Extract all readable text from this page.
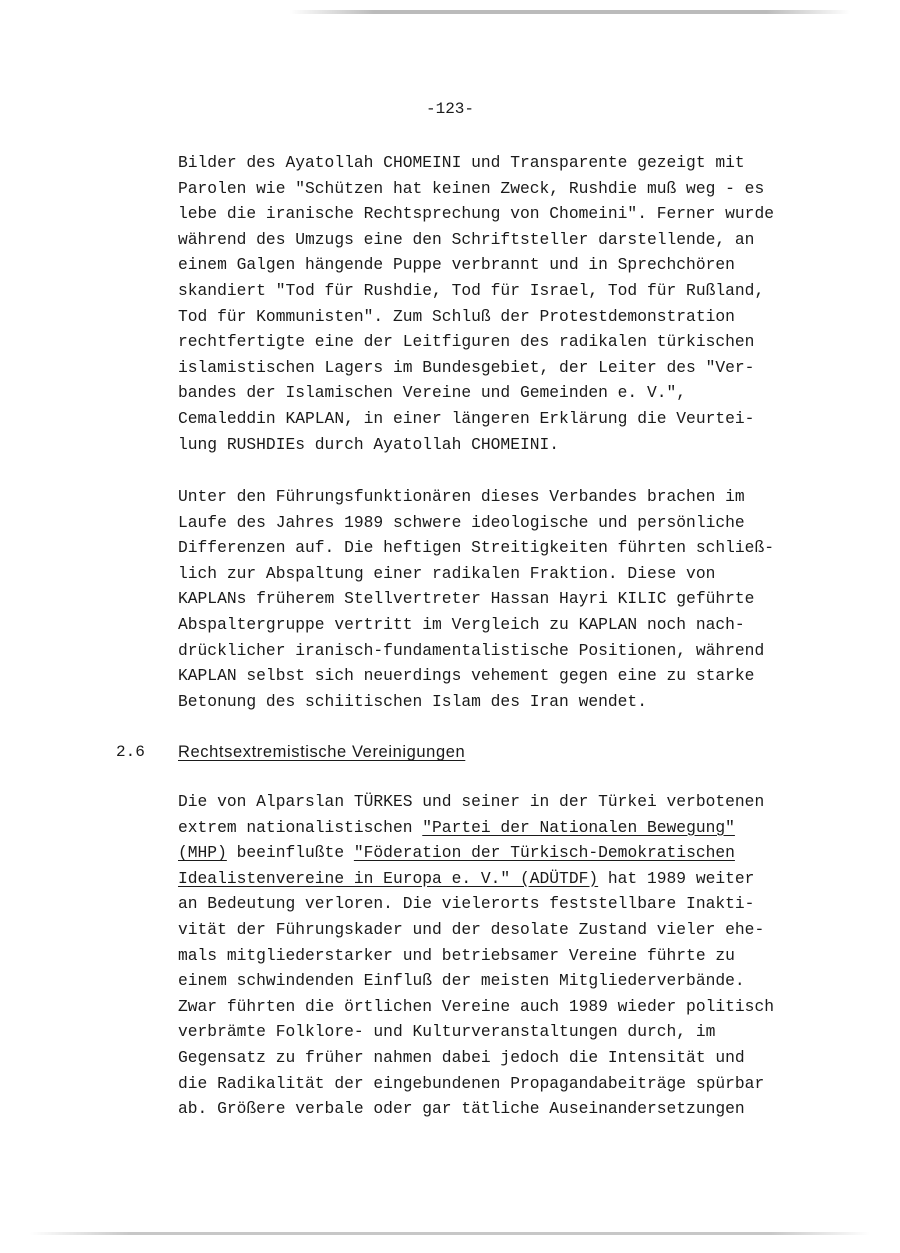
-123-
Bilder des Ayatollah CHOMEINI und Transparente gezeigt mit
Parolen wie "Schützen hat keinen Zweck, Rushdie muß weg - es
lebe die iranische Rechtsprechung von Chomeini". Ferner wurde
während des Umzugs eine den Schriftsteller darstellende, an
einem Galgen hängende Puppe verbrannt und in Sprechchören
skandiert "Tod für Rushdie, Tod für Israel, Tod für Rußland,
Tod für Kommunisten". Zum Schluß der Protestdemonstration
rechtfertigte eine der Leitfiguren des radikalen türkischen
islamistischen Lagers im Bundesgebiet, der Leiter des "Ver-
bandes der Islamischen Vereine und Gemeinden e. V.",
Cemaleddin KAPLAN, in einer längeren Erklärung die Veurtei-
lung RUSHDIEs durch Ayatollah CHOMEINI.
Unter den Führungsfunktionären dieses Verbandes brachen im
Laufe des Jahres 1989 schwere ideologische und persönliche
Differenzen auf. Die heftigen Streitigkeiten führten schließ-
lich zur Abspaltung einer radikalen Fraktion. Diese von
KAPLANs früherem Stellvertreter Hassan Hayri KILIC geführte
Abspaltergruppe vertritt im Vergleich zu KAPLAN noch nach-
drücklicher iranisch-fundamentalistische Positionen, während
KAPLAN selbst sich neuerdings vehement gegen eine zu starke
Betonung des schiitischen Islam des Iran wendet.
2.6 Rechtsextremistische Vereinigungen
Die von Alparslan TÜRKES und seiner in der Türkei verbotenen
extrem nationalistischen "Partei der Nationalen Bewegung"
(MHP) beeinflußte "Föderation der Türkisch-Demokratischen
Idealistenvereine in Europa e. V." (ADÜTDF) hat 1989 weiter
an Bedeutung verloren. Die vielerorts feststellbare Inakti-
vität der Führungskader und der desolate Zustand vieler ehe-
mals mitgliederstarker und betriebsamer Vereine führte zu
einem schwindenden Einfluß der meisten Mitgliederverbände.
Zwar führten die örtlichen Vereine auch 1989 wieder politisch
verbrämte Folklore- und Kulturveranstaltungen durch, im
Gegensatz zu früher nahmen dabei jedoch die Intensität und
die Radikalität der eingebundenen Propagandabeiträge spürbar
ab. Größere verbale oder gar tätliche Auseinandersetzungen
